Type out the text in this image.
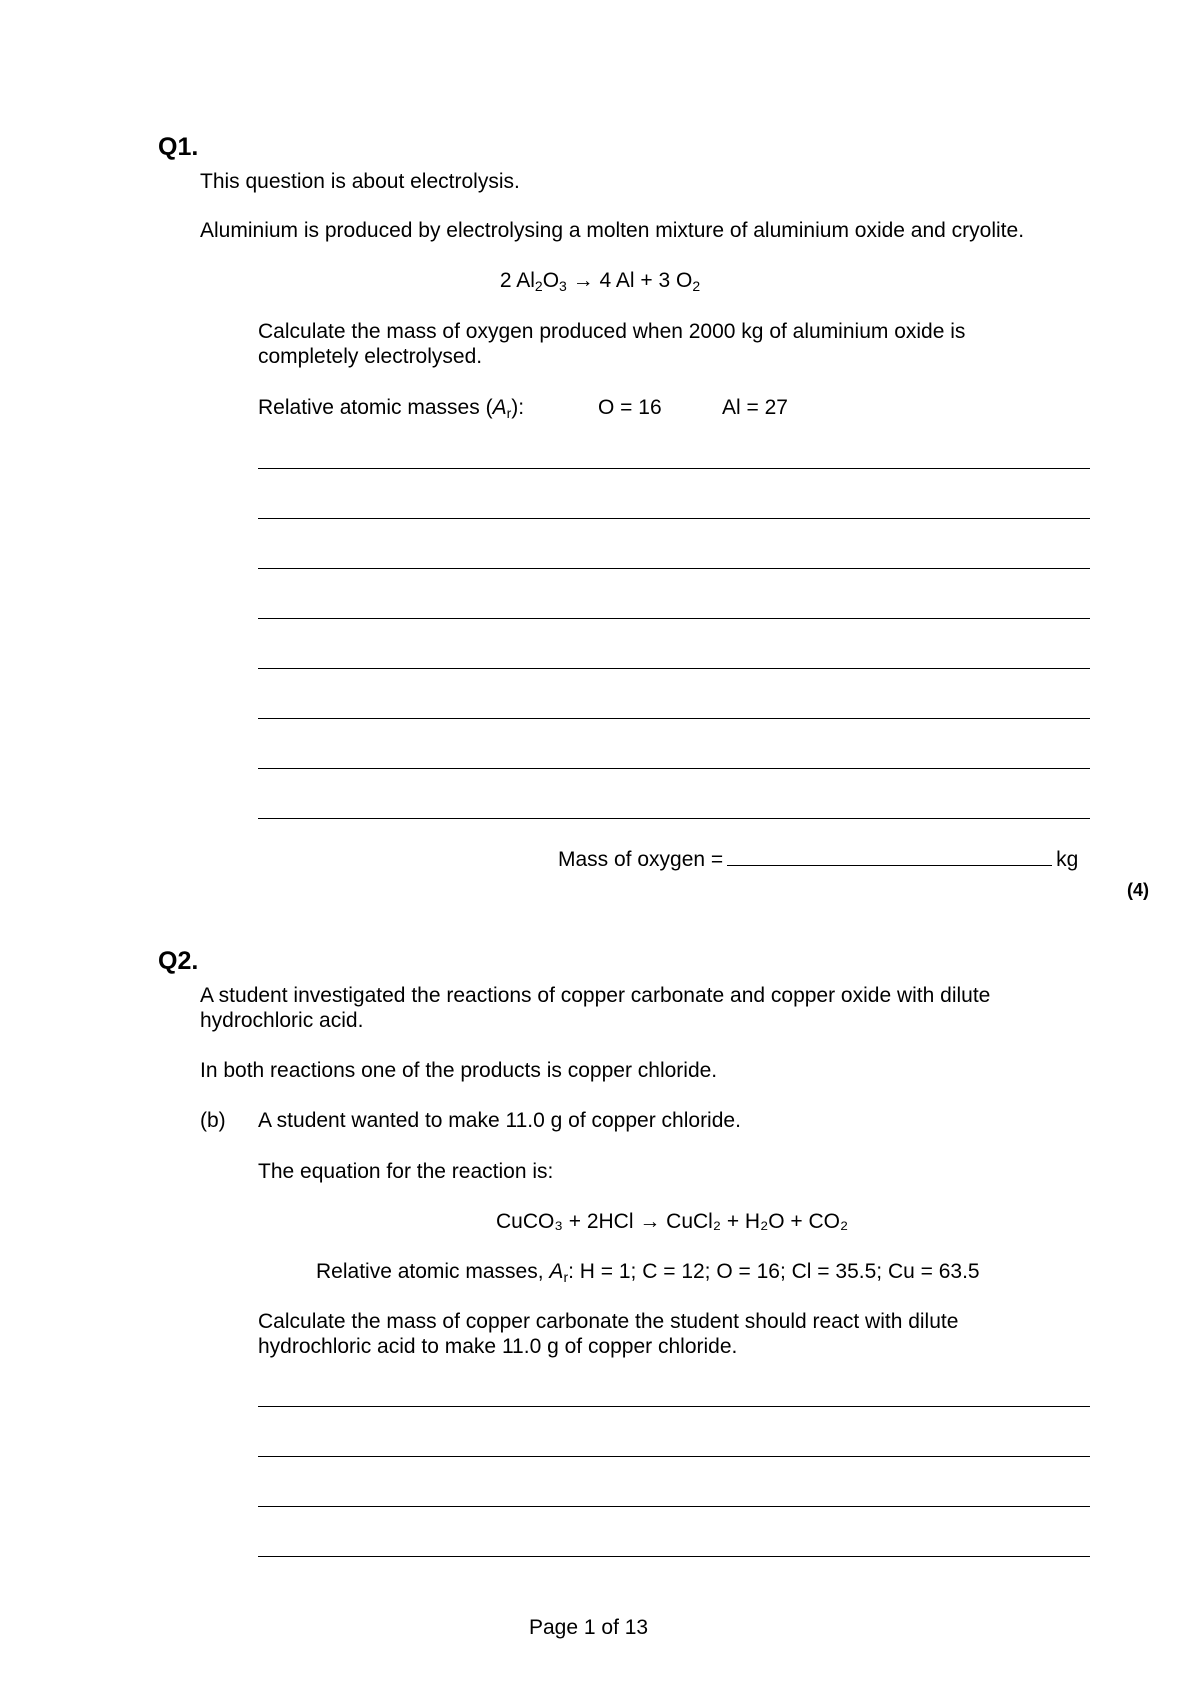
Q1.
This question is about electrolysis.
Aluminium is produced by electrolysing a molten mixture of aluminium oxide and cryolite.
2 $Al_2O_3 \to 4$ Al + 3 $O_2$
Calculate the mass of oxygen produced when 2000 kg of aluminium oxide is
completely electrolysed.
Relative atomic masses $(A_r)$:	O = 16	Al = 27
Mass of oxygen =	kg
(4)
Q2.
A student investigated the reactions of copper carbonate and copper oxide with dilute
hydrochloric acid.
In both reactions one of the products is copper chloride.
(b) A student wanted to make 11.0 g of copper chloride.
The equation for the reaction is:
CuCO₃ + 2HCl → CuCl₂ + H₂O + CO₂
Relative atomic masses, $A_r$: H = 1; C = 12; O = 16; Cl = 35.5; Cu = 63.5
Calculate the mass of copper carbonate the student should react with dilute
hydrochloric acid to make 11.0 g of copper chloride.
Page 1 of 13
